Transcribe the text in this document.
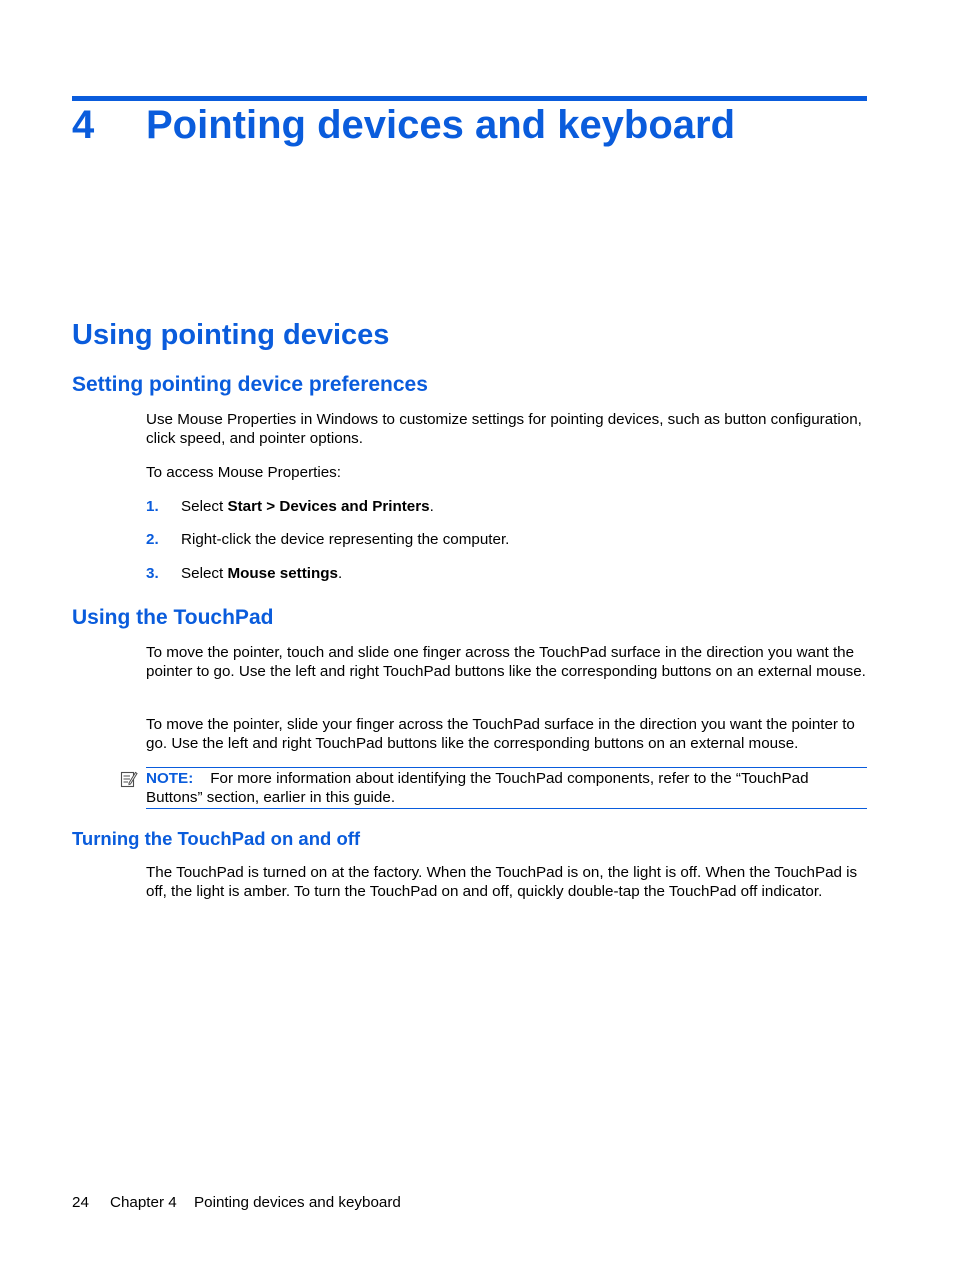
4 Pointing devices and keyboard
Using pointing devices
Setting pointing device preferences
Use Mouse Properties in Windows to customize settings for pointing devices, such as button configuration, click speed, and pointer options.
To access Mouse Properties:
1. Select Start > Devices and Printers.
2. Right-click the device representing the computer.
3. Select Mouse settings.
Using the TouchPad
To move the pointer, touch and slide one finger across the TouchPad surface in the direction you want the pointer to go. Use the left and right TouchPad buttons like the corresponding buttons on an external mouse.
To move the pointer, slide your finger across the TouchPad surface in the direction you want the pointer to go. Use the left and right TouchPad buttons like the corresponding buttons on an external mouse.
NOTE: For more information about identifying the TouchPad components, refer to the “TouchPad Buttons” section, earlier in this guide.
Turning the TouchPad on and off
The TouchPad is turned on at the factory. When the TouchPad is on, the light is off. When the TouchPad is off, the light is amber. To turn the TouchPad on and off, quickly double-tap the TouchPad off indicator.
24 Chapter 4 Pointing devices and keyboard
